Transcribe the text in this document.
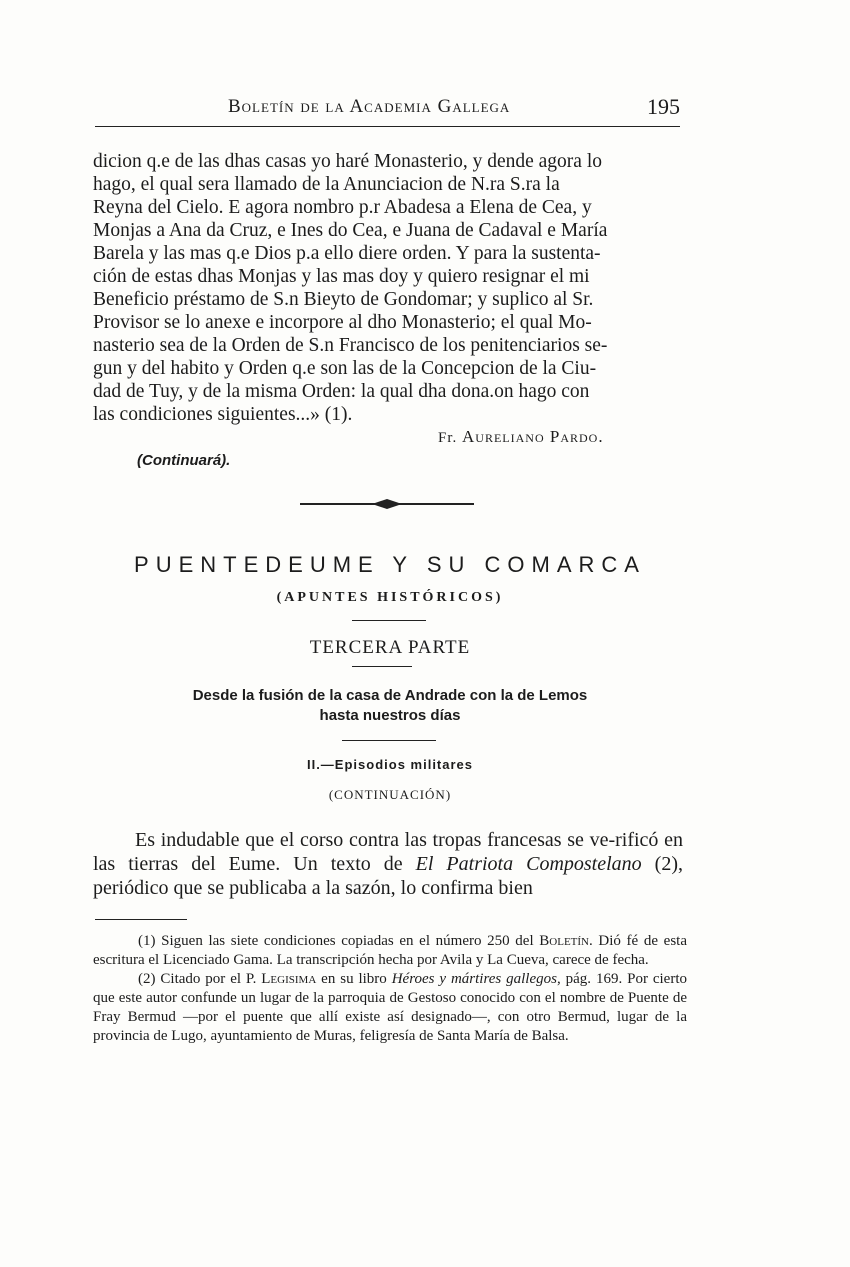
Boletín de la Academia Gallega	195

dicion q.e de las dhas casas yo haré Monasterio, y dende agora lo

hago, el qual sera llamado de la Anunciacion de N.ra S.ra la

Reyna del Cielo. E agora nombro p.r Abadesa a Elena de Cea, y

Monjas a Ana da Cruz, e Ines do Cea, e Juana de Cadaval e María

Barela y las mas q.e Dios p.a ello diere orden. Y para la sustenta-

ción de estas dhas Monjas y las mas doy y quiero resignar el mi

Beneficio préstamo de S.n Bieyto de Gondomar; y suplico al Sr.

Provisor se lo anexe e incorpore al dho Monasterio; el qual Mo-

nasterio sea de la Orden de S.n Francisco de los penitenciarios se-

gun y del habito y Orden q.e son las de la Concepcion de la Ciu-

dad de Tuy, y de la misma Orden: la qual dha dona.on hago con

las condiciones siguientes...» (1).

Fr. Aureliano Pardo.
(Continuará).
PUENTEDEUME Y SU COMARCA
(APUNTES HISTÓRICOS)
TERCERA PARTE
Desde la fusión de la casa de Andrade con la de Lemos
hasta nuestros días
II.—Episodios militares
(CONTINUACIÓN)

Es indudable que el corso contra las tropas francesas se ve-rificó en las tierras del Eume. Un texto de El Patriota Compostelano (2), periódico que se publicaba a la sazón, lo confirma bien

(1) Siguen las siete condiciones copiadas en el número 250 del Boletín. Dió fé de esta escritura el Licenciado Gama. La transcripción hecha por Avila y La Cueva, carece de fecha.

(2) Citado por el P. Legisima en su libro Héroes y mártires gallegos, pág. 169. Por cierto que este autor confunde un lugar de la parroquia de Gestoso conocido con el nombre de Puente de Fray Bermud —por el puente que allí existe así designado—, con otro Bermud, lugar de la provincia de Lugo, ayuntamiento de Muras, feligresía de Santa María de Balsa.
